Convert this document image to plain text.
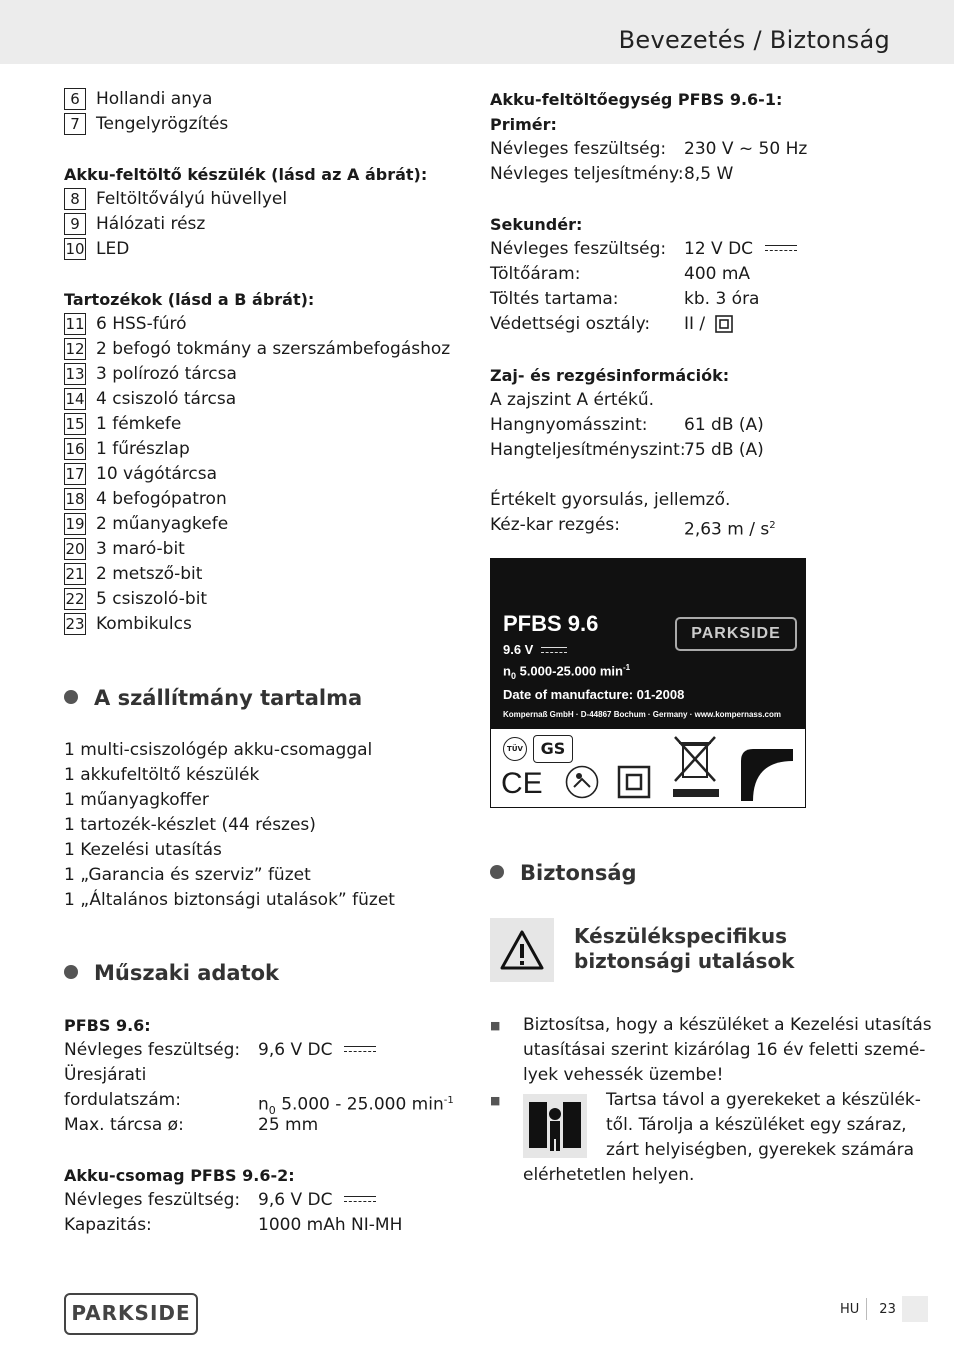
Bevezetés / Biztonság
6 Hollandi anya
7 Tengelyrögzítés
Akku-feltöltő készülék (lásd az A ábrát):
8 Feltöltővályú hüvellyel
9 Hálózati rész
10 LED
Tartozékok (lásd a B ábrát):
11 6 HSS-fúró
12 2 befogó tokmány a szerszámbefogáshoz
13 3 polírozó tárcsa
14 4 csiszoló tárcsa
15 1 fémkefe
16 1 fűrészlap
17 10 vágótárcsa
18 4 befogópatron
19 2 műanyagkefe
20 3 maró-bit
21 2 metsző-bit
22 5 csiszoló-bit
23 Kombikulcs
A szállítmány tartalma
1 multi-csiszológép akku-csomaggal
1 akkufeltöltő készülék
1 műanyagkoffer
1 tartozék-készlet (44 részes)
1 Kezelési utasítás
1 „Garancia és szerviz” füzet
1 „Általános biztonsági utalások” füzet
Műszaki adatok
PFBS 9.6:
Névleges feszültség: 9,6 V DC
Üresjárati
fordulatszám:	$n_0$ 5.000 - 25.000 $\min^{-1}$
Max. tárcsa ø:	25 mm
Akku-csomag PFBS 9.6-2:
Névleges feszültség: 9,6 V DC
Kapazitás:	1000 mAh NI-MH
Akku-feltöltőegység PFBS 9.6-1:
Primér:
Névleges feszültség: 230 V ~ 50 Hz
Névleges teljesítmény: 8,5 W
Sekundér:
Névleges feszültség: 12 V DC
Töltőáram:	400 mA
Töltés tartama:	kb. 3 óra
Védettségi osztály: II /
Zaj- és rezgésinformációk:
A zajszint A értékű.
Hangnyomásszint: 61 dB (A)
Hangteljesítményszint:
75 dB (A)
Értékelt gyorsulás, jellemző.
Kéz-kar rezgés:	2,63 m / $s^2$
PFBS 9.6	PARKSIDE
9.6 V
$n_0$ 5.000-25.000 $\min^{-1}$
Date of manufacture: 01-2008
Kompernaß GmbH · D-44867 Bochum · Germany · www.kompernass.com
TÜV	GS
CE
Biztonság
Készülékspecifikus
biztonsági utalások
■	Biztosítsa, hogy a készüléket a Kezelési utasítás
utasításai szerint kizárólag 16 év feletti szemé-
lyek vehessék üzembe!
■	Tartsa távol a gyerekeket a készülék-
től. Tárolja a készüléket egy száraz,
zárt helyiségben, gyerekek számára
elérhetetlen helyen.
PARKSIDE	HU 23
